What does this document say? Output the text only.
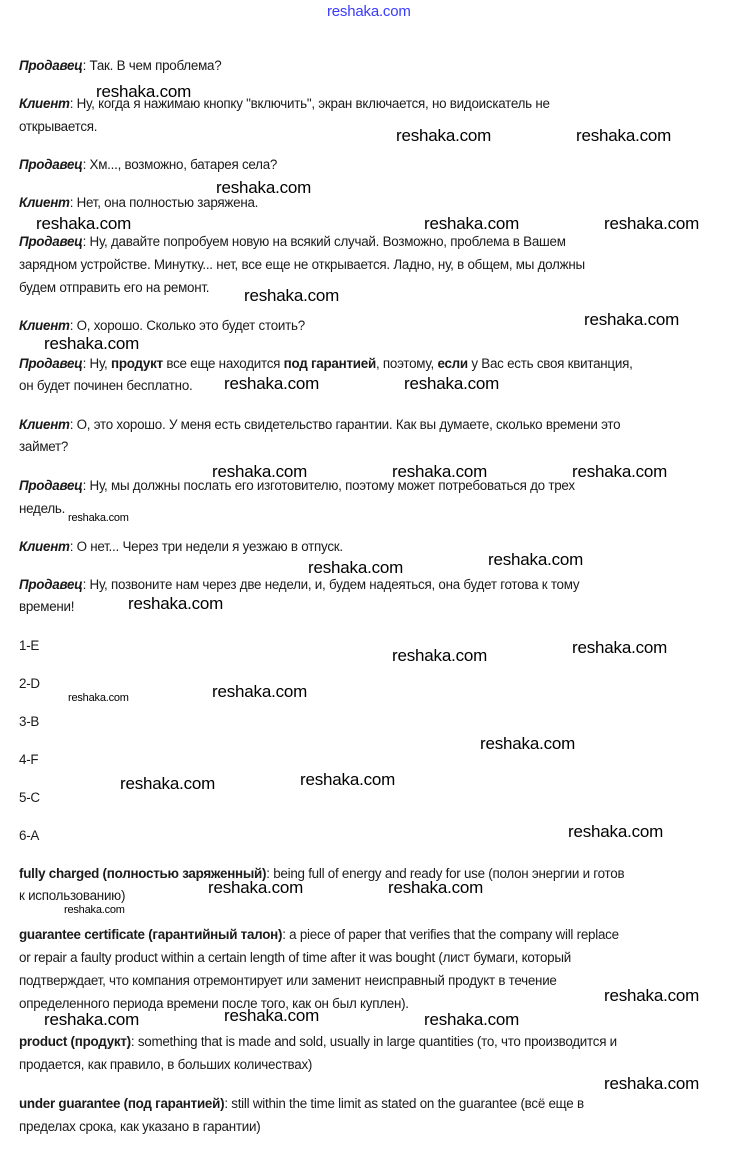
Продавец: Так. В чем проблема?
Клиент: Ну, когда я нажимаю кнопку "включить", экран включается, но видоискатель не
открывается.
Продавец: Хм..., возможно, батарея села?
Клиент: Нет, она полностью заряжена.
Продавец: Ну, давайте попробуем новую на всякий случай. Возможно, проблема в Вашем
зарядном устройстве. Минутку... нет, все еще не открывается. Ладно, ну, в общем, мы должны
будем отправить его на ремонт.
Клиент: О, хорошо. Сколько это будет стоить?
Продавец: Ну, продукт все еще находится под гарантией, поэтому, если у Вас есть своя квитанция,
он будет починен бесплатно.
Клиент: О, это хорошо. У меня есть свидетельство гарантии. Как вы думаете, сколько времени это
займет?
Продавец: Ну, мы должны послать его изготовителю, поэтому может потребоваться до трех
недель.
Клиент: О нет... Через три недели я уезжаю в отпуск.
Продавец: Ну, позвоните нам через две недели, и, будем надеяться, она будет готова к тому
времени!
1-E
2-D
3-B
4-F
5-C
6-A
fully charged (полностью заряженный): being full of energy and ready for use (полон энергии и готов
к использованию)
guarantee certificate (гарантийный талон): a piece of paper that verifies that the company will replace
or repair a faulty product within a certain length of time after it was bought (лист бумаги, который
подтверждает, что компания отремонтирует или заменит неисправный продукт в течение
определенного периода времени после того, как он был куплен).
product (продукт): something that is made and sold, usually in large quantities (то, что производится и
продается, как правило, в больших количествах)
under guarantee (под гарантией): still within the time limit as stated on the guarantee (всё еще в
пределах срока, как указано в гарантии)
reshaka.com
reshaka.com
reshaka.com	reshaka.com
reshaka.com
reshaka.com	reshaka.com	reshaka.com
reshaka.com
reshaka.com
reshaka.com
reshaka.com	reshaka.com
reshaka.com	reshaka.com	reshaka.com
reshaka.com
reshaka.com
reshaka.com
reshaka.com	reshaka.com
reshaka.com
reshaka.com
reshaka.com	reshaka.com
reshaka.com
reshaka.com	reshaka.com
reshaka.com
reshaka.com	reshaka.com	reshaka.com
reshaka.com
reshaka.com
reshaka.com
reshaka.com
